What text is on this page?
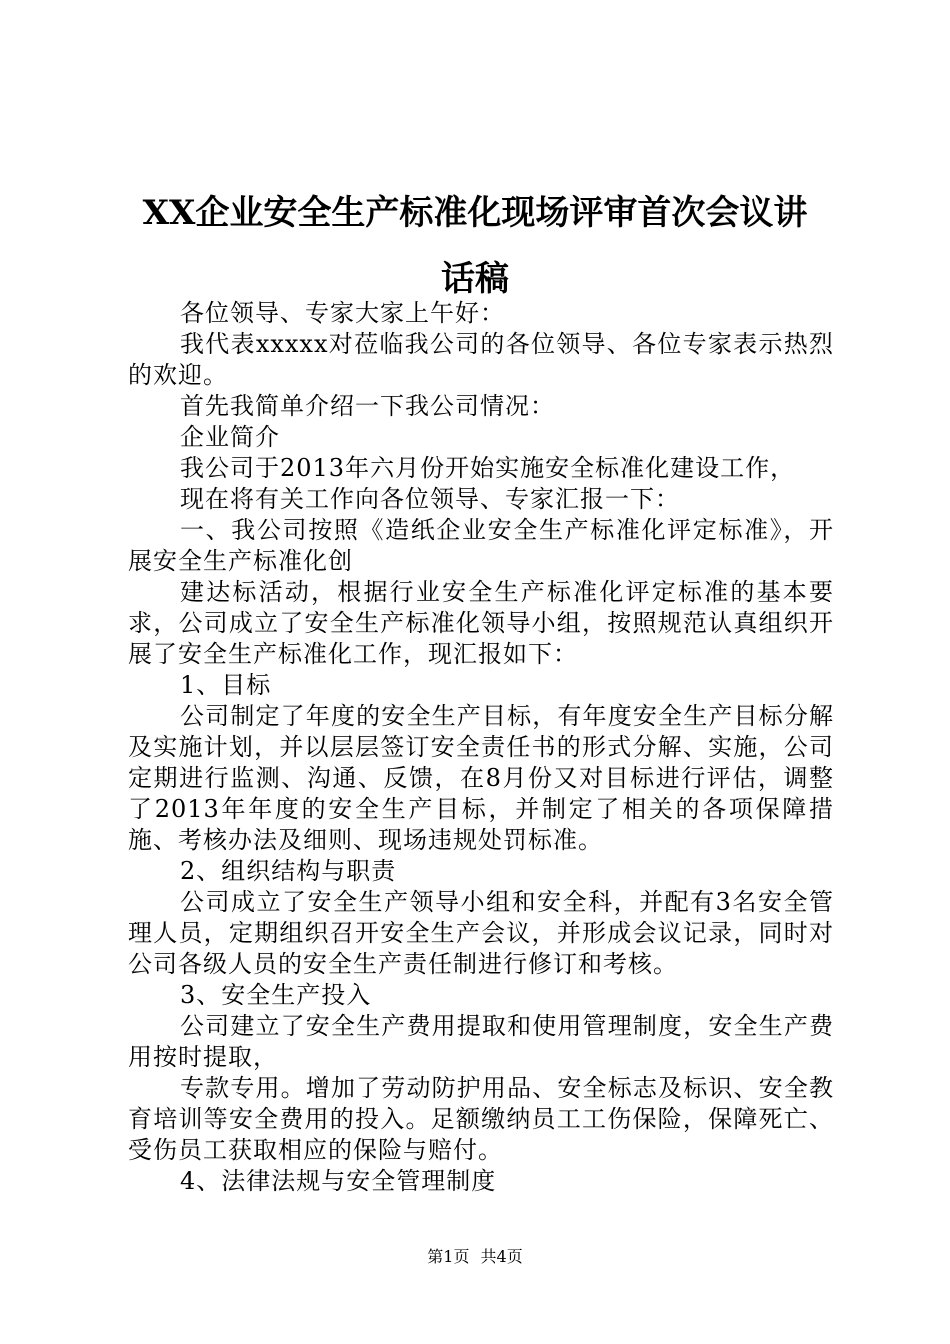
XX企业安全生产标准化现场评审首次会议讲
话稿

各位领导、专家大家上午好：

我代表xxxxx对莅临我公司的各位领导、各位专家表示热烈的欢迎。

首先我简单介绍一下我公司情况：

企业简介

我公司于2013年六月份开始实施安全标准化建设工作，

现在将有关工作向各位领导、专家汇报一下：

一、我公司按照《造纸企业安全生产标准化评定标准》，开展安全生产标准化创

建达标活动，根据行业安全生产标准化评定标准的基本要求，公司成立了安全生产标准化领导小组，按照规范认真组织开展了安全生产标准化工作，现汇报如下：

1、目标

公司制定了年度的安全生产目标，有年度安全生产目标分解及实施计划，并以层层签订安全责任书的形式分解、实施，公司定期进行监测、沟通、反馈，在8月份又对目标进行评估，调整了2013年年度的安全生产目标，并制定了相关的各项保障措施、考核办法及细则、现场违规处罚标准。

2、组织结构与职责

公司成立了安全生产领导小组和安全科，并配有3名安全管理人员，定期组织召开安全生产会议，并形成会议记录，同时对公司各级人员的安全生产责任制进行修订和考核。

3、安全生产投入

公司建立了安全生产费用提取和使用管理制度，安全生产费用按时提取，

专款专用。增加了劳动防护用品、安全标志及标识、安全教育培训等安全费用的投入。足额缴纳员工工伤保险，保障死亡、受伤员工获取相应的保险与赔付。

4、法律法规与安全管理制度

第1页 共4页
